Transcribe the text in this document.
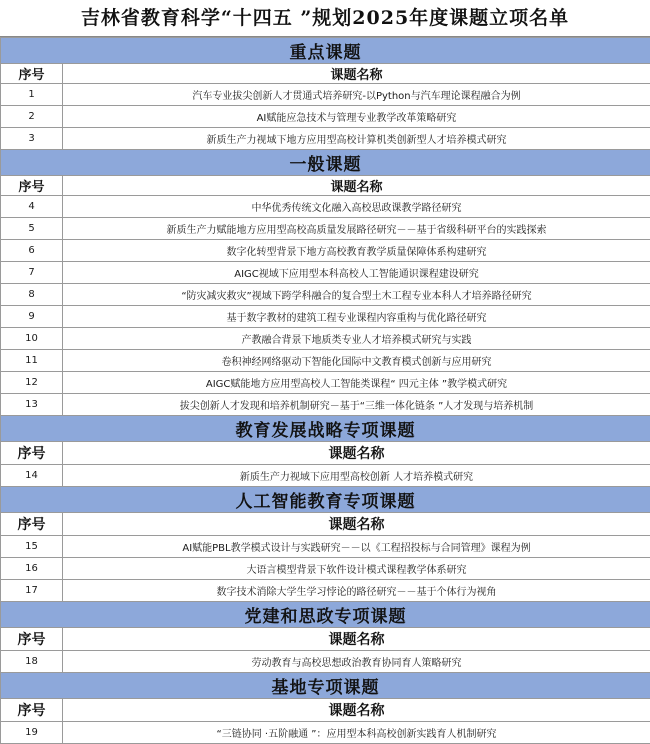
吉林省教育科学“十四五 ”规划2025年度课题立项名单
重点课题	
序号	课题名称
1	汽车专业拔尖创新人才贯通式培养研究-以Python与汽车理论课程融合为例
2	AI赋能应急技术与管理专业教学改革策略研究
3	新质生产力视域下地方应用型高校计算机类创新型人才培养模式研究
一般课题	
序号	课题名称
4	中华优秀传统文化融入高校思政课教学路径研究
5	新质生产力赋能地方应用型高校高质量发展路径研究－－基于省级科研平台的实践探索
6	数字化转型背景下地方高校教育教学质量保障体系构建研究
7	AIGC视域下应用型本科高校人工智能通识课程建设研究
8	“防灾减灾救灾”视域下跨学科融合的复合型土木工程专业本科人才培养路径研究
9	基于数字教材的建筑工程专业课程内容重构与优化路径研究
10	产教融合背景下地质类专业人才培养模式研究与实践
11	卷积神经网络驱动下智能化国际中文教育模式创新与应用研究
12	AIGC赋能地方应用型高校人工智能类课程“ 四元主体 ”教学模式研究
13	拔尖创新人才发现和培养机制研究－基于“三维一体化链条 ”人才发现与培养机制
教育发展战略专项课题	
序号	课题名称
14	新质生产力视域下应用型高校创新 人才培养模式研究
人工智能教育专项课题	
序号	课题名称
15	AI赋能PBL教学模式设计与实践研究－－以《工程招投标与合同管理》课程为例
16	大语言模型背景下软件设计模式课程教学体系研究
17	数字技术消除大学生学习悖论的路径研究－－基于个体行为视角
党建和思政专项课题	
序号	课题名称
18	劳动教育与高校思想政治教育协同育人策略研究
基地专项课题	
序号	课题名称
19	“三链协同 ·五阶融通 ”：应用型本科高校创新实践育人机制研究
